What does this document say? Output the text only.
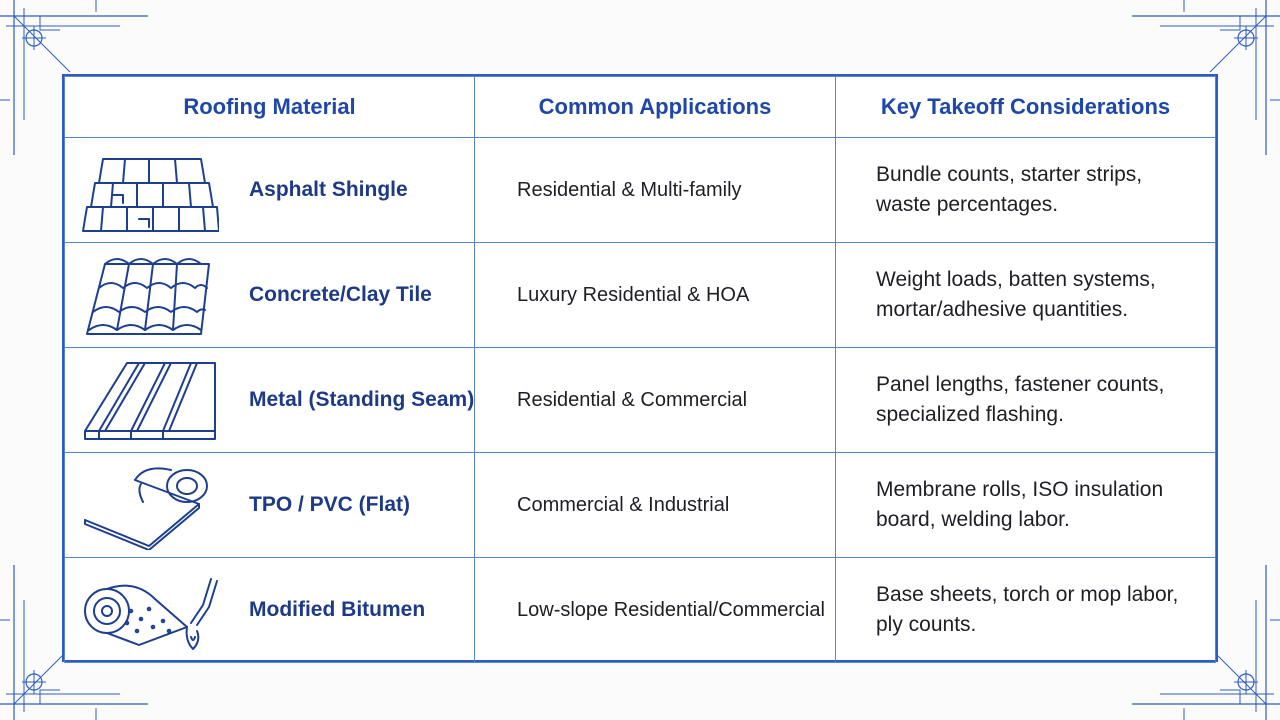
Roofing Material	Common Applications	Key Takeoff Considerations

Asphalt Shingle	Residential & Multi-family	Bundle counts, starter strips, waste percentages.

Concrete/Clay Tile	Luxury Residential & HOA	Weight loads, batten systems, mortar/adhesive quantities.

Metal (Standing Seam)	Residential & Commercial	Panel lengths, fastener counts, specialized flashing.

TPO / PVC (Flat)	Commercial & Industrial	Membrane rolls, ISO insulation board, welding labor.

Modified Bitumen	Low-slope Residential/Commercial	Base sheets, torch or mop labor, ply counts.
